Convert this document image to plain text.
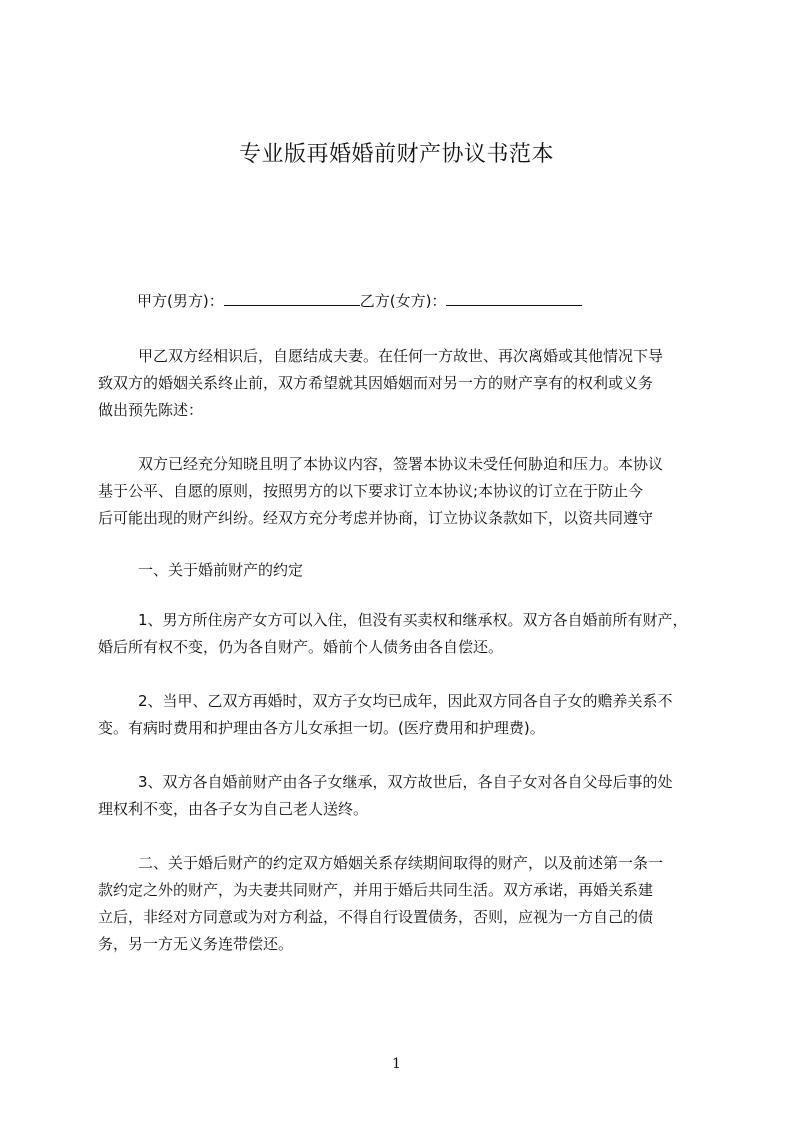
专业版再婚婚前财产协议书范本
甲方(男方)：	乙方(女方)：
甲乙双方经相识后，自愿结成夫妻。在任何一方故世、再次离婚或其他情况下导
致双方的婚姻关系终止前，双方希望就其因婚姻而对另一方的财产享有的权利或义务
做出预先陈述：
双方已经充分知晓且明了本协议内容，签署本协议未受任何胁迫和压力。本协议
基于公平、自愿的原则，按照男方的以下要求订立本协议;本协议的订立在于防止今
后可能出现的财产纠纷。经双方充分考虑并协商，订立协议条款如下，以资共同遵守
一、关于婚前财产的约定
1、男方所住房产女方可以入住，但没有买卖权和继承权。双方各自婚前所有财产，
婚后所有权不变，仍为各自财产。婚前个人债务由各自偿还。
2、当甲、乙双方再婚时，双方子女均已成年，因此双方同各自子女的赡养关系不
变。有病时费用和护理由各方儿女承担一切。(医疗费用和护理费)。
3、双方各自婚前财产由各子女继承，双方故世后，各自子女对各自父母后事的处
理权利不变，由各子女为自己老人送终。
二、关于婚后财产的约定双方婚姻关系存续期间取得的财产，以及前述第一条一
款约定之外的财产，为夫妻共同财产，并用于婚后共同生活。双方承诺，再婚关系建
立后，非经对方同意或为对方利益，不得自行设置债务，否则，应视为一方自己的债
务，另一方无义务连带偿还。
1
